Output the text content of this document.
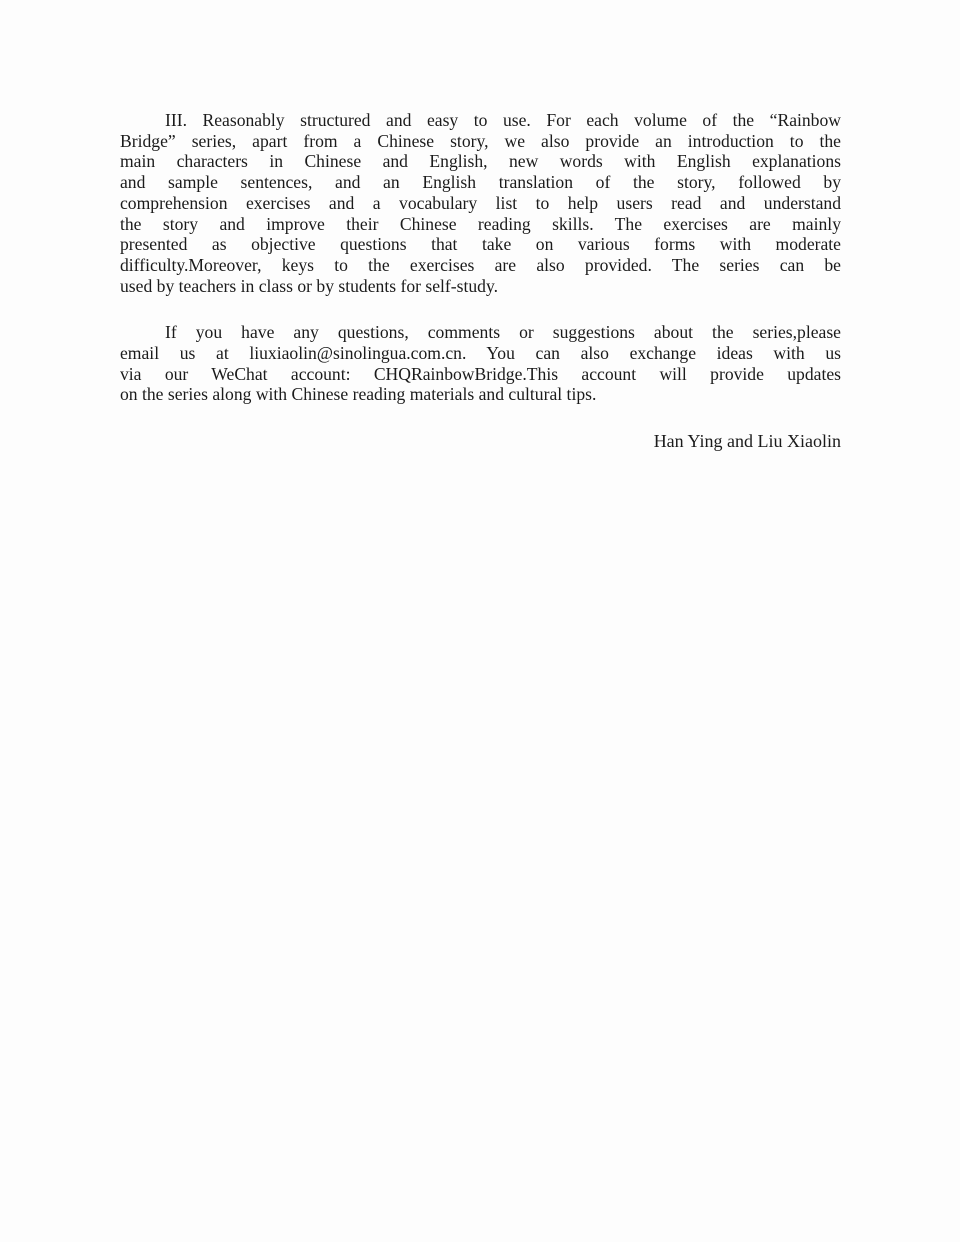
III. Reasonably structured and easy to use. For each volume of the “Rainbow
Bridge” series, apart from a Chinese story, we also provide an introduction to the
main characters in Chinese and English, new words with English explanations
and sample sentences, and an English translation of the story, followed by
comprehension exercises and a vocabulary list to help users read and understand
the story and improve their Chinese reading skills. The exercises are mainly
presented as objective questions that take on various forms with moderate
difficulty.Moreover, keys to the exercises are also provided. The series can be
used by teachers in class or by students for self-study.
If you have any questions, comments or suggestions about the series,please
email us at liuxiaolin@sinolingua.com.cn. You can also exchange ideas with us
via our WeChat account: CHQRainbowBridge.This account will provide updates
on the series along with Chinese reading materials and cultural tips.
Han Ying and Liu Xiaolin
